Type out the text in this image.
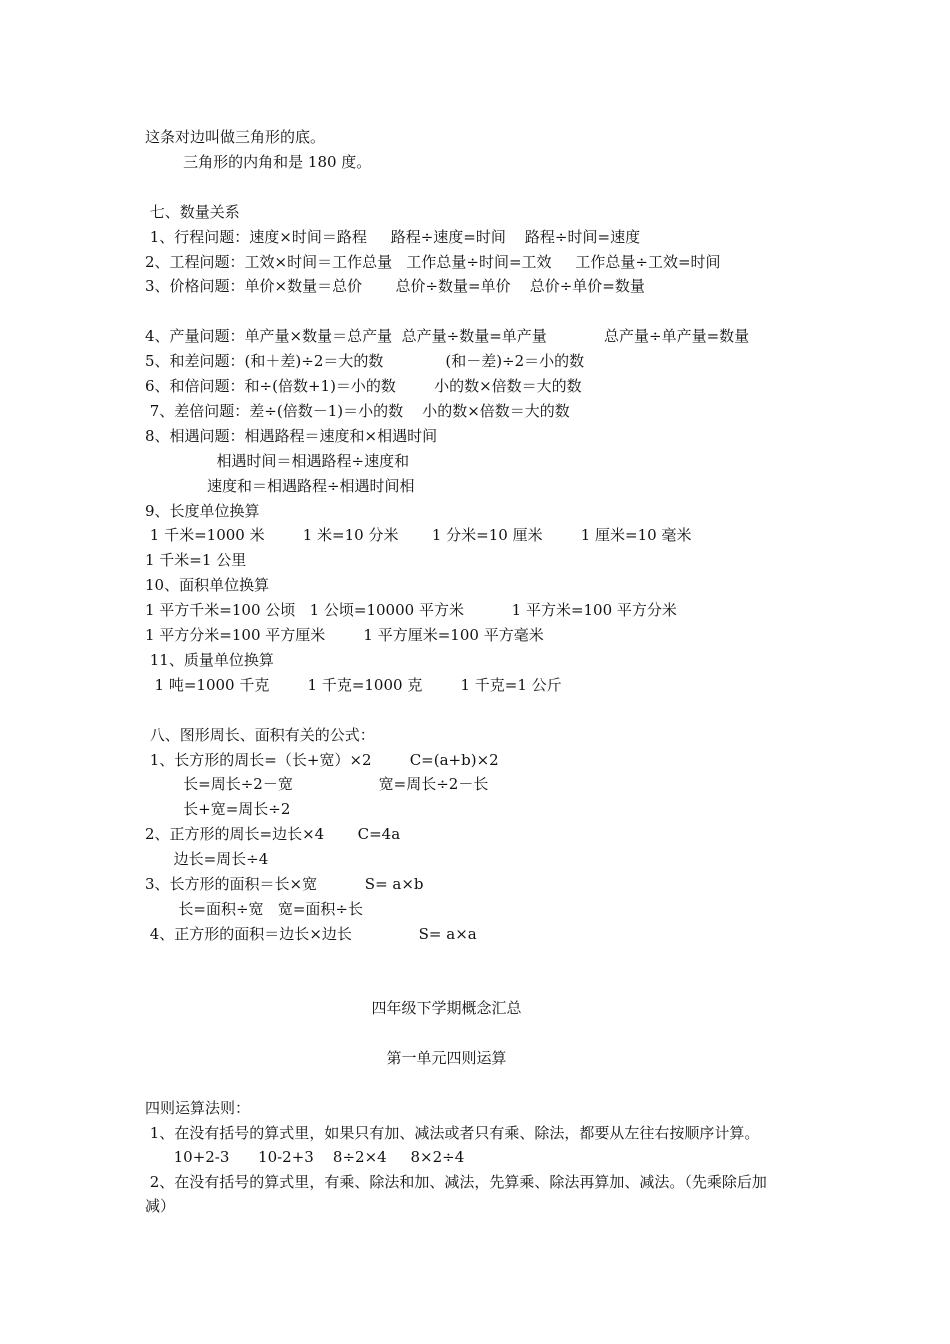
这条对边叫做三角形的底。
三角形的内角和是 180 度。
七、数量关系
1、行程问题：速度×时间＝路程     路程÷速度=时间    路程÷时间=速度
2、工程问题：工效×时间＝工作总量   工作总量÷时间=工效     工作总量÷工效=时间
3、价格问题：单价×数量＝总价       总价÷数量=单价    总价÷单价=数量
4、产量问题：单产量×数量＝总产量  总产量÷数量=单产量            总产量÷单产量=数量
5、和差问题：(和＋差)÷2＝大的数             (和－差)÷2＝小的数
6、和倍问题：和÷(倍数+1)＝小的数        小的数×倍数＝大的数
7、差倍问题：差÷(倍数－1)＝小的数    小的数×倍数＝大的数
8、相遇问题：相遇路程＝速度和×相遇时间
相遇时间＝相遇路程÷速度和
速度和＝相遇路程÷相遇时间相
9、长度单位换算
1 千米=1000 米        1 米=10 分米       1 分米=10 厘米        1 厘米=10 毫米
1 千米=1 公里
10、面积单位换算
1 平方千米=100 公顷   1 公顷=10000 平方米          1 平方米=100 平方分米
1 平方分米=100 平方厘米        1 平方厘米=100 平方毫米
11、质量单位换算
1 吨=1000 千克        1 千克=1000 克        1 千克=1 公斤
八、图形周长、面积有关的公式：
1、长方形的周长=（长+宽）×2        C=(a+b)×2
长=周长÷2－宽                  宽=周长÷2－长
长+宽=周长÷2
2、正方形的周长=边长×4       C=4a
边长=周长÷4
3、长方形的面积＝长×宽          S= a×b
长=面积÷宽   宽=面积÷长
4、正方形的面积＝边长×边长              S= a×a
四年级下学期概念汇总
第一单元四则运算
四则运算法则：
1、在没有括号的算式里，如果只有加、减法或者只有乘、除法，都要从左往右按顺序计算。
10+2-3      10-2+3    8÷2×4     8×2÷4
2、在没有括号的算式里，有乘、除法和加、减法，先算乘、除法再算加、减法。（先乘除后加
减）
